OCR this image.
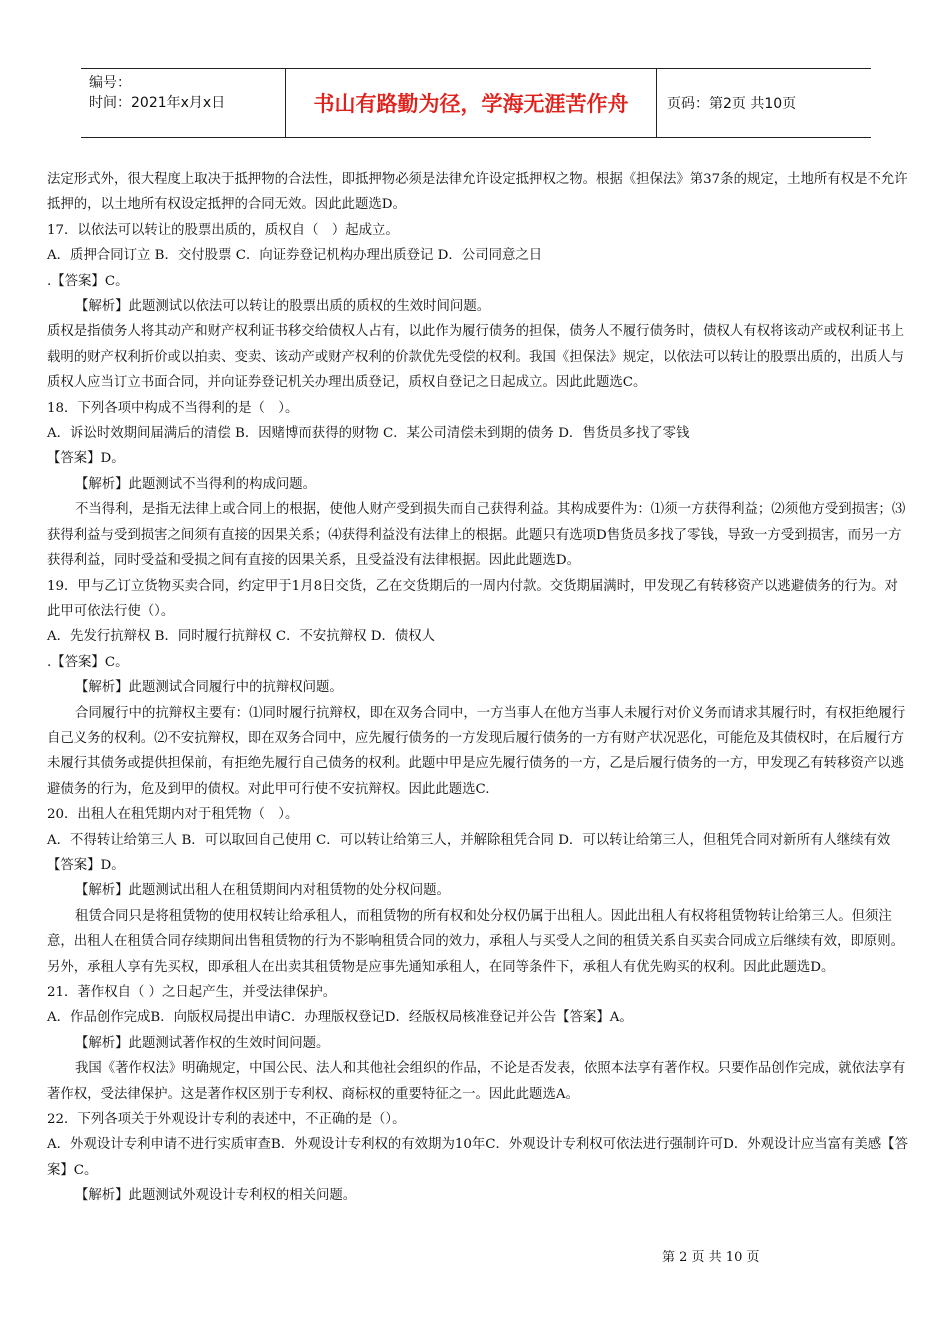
编号：
时间：2021年x月x日	书山有路勤为径，学海无涯苦作舟	页码：第2页 共10页

法定形式外，很大程度上取决于抵押物的合法性，即抵押物必须是法律允许设定抵押权之物。根据《担保法》第37条的规定，土地所有权是不允许抵押的，以土地所有权设定抵押的合同无效。因此此题选D。

17．以依法可以转让的股票出质的，质权自（　）起成立。

A．质押合同订立 B．交付股票 C．向证券登记机构办理出质登记 D．公司同意之日

.【答案】C。

【解析】此题测试以依法可以转让的股票出质的质权的生效时间问题。

质权是指债务人将其动产和财产权利证书移交给债权人占有，以此作为履行债务的担保，债务人不履行债务时，债权人有权将该动产或权利证书上载明的财产权利折价或以拍卖、变卖、该动产或财产权利的价款优先受偿的权利。我国《担保法》规定，以依法可以转让的股票出质的，出质人与质权人应当订立书面合同，并向证券登记机关办理出质登记，质权自登记之日起成立。因此此题选C。

18．下列各项中构成不当得利的是（　）。

A．诉讼时效期间届满后的清偿 B．因赌博而获得的财物 C．某公司清偿未到期的债务 D．售货员多找了零钱

【答案】D。

【解析】此题测试不当得利的构成问题。

不当得利，是指无法律上或合同上的根据，使他人财产受到损失而自己获得利益。其构成要件为：⑴须一方获得利益；⑵须他方受到损害；⑶获得利益与受到损害之间须有直接的因果关系；⑷获得利益没有法律上的根据。此题只有选项D售货员多找了零钱，导致一方受到损害，而另一方获得利益，同时受益和受损之间有直接的因果关系，且受益没有法律根据。因此此题选D。

19．甲与乙订立货物买卖合同，约定甲于1月8日交货，乙在交货期后的一周内付款。交货期届满时，甲发现乙有转移资产以逃避债务的行为。对此甲可依法行使（）。

A．先发行抗辩权 B．同时履行抗辩权 C．不安抗辩权 D．债权人

.【答案】C。

【解析】此题测试合同履行中的抗辩权问题。

合同履行中的抗辩权主要有：⑴同时履行抗辩权，即在双务合同中，一方当事人在他方当事人未履行对价义务而请求其履行时，有权拒绝履行自己义务的权利。⑵不安抗辩权，即在双务合同中，应先履行债务的一方发现后履行债务的一方有财产状况恶化，可能危及其债权时，在后履行方未履行其债务或提供担保前，有拒绝先履行自己债务的权利。此题中甲是应先履行债务的一方，乙是后履行债务的一方，甲发现乙有转移资产以逃避债务的行为，危及到甲的债权。对此甲可行使不安抗辩权。因此此题选C.

20．出租人在租凭期内对于租凭物（　）。

A．不得转让给第三人 B．可以取回自己使用 C．可以转让给第三人，并解除租凭合同 D．可以转让给第三人，但租凭合同对新所有人继续有效 【答案】D。

【解析】此题测试出租人在租赁期间内对租赁物的处分权问题。

租赁合同只是将租赁物的使用权转让给承租人，而租赁物的所有权和处分权仍属于出租人。因此出租人有权将租赁物转让给第三人。但须注意，出租人在租赁合同存续期间出售租赁物的行为不影响租赁合同的效力，承租人与买受人之间的租赁关系自买卖合同成立后继续有效，即原则。另外，承租人享有先买权，即承租人在出卖其租赁物是应事先通知承租人，在同等条件下，承租人有优先购买的权利。因此此题选D。

21．著作权自（ ）之日起产生，并受法律保护。

A．作品创作完成B．向版权局提出申请C．办理版权登记D．经版权局核准登记并公告【答案】A。

【解析】此题测试著作权的生效时间问题。

我国《著作权法》明确规定，中国公民、法人和其他社会组织的作品，不论是否发表，依照本法享有著作权。只要作品创作完成，就依法享有著作权，受法律保护。这是著作权区别于专利权、商标权的重要特征之一。因此此题选A。

22．下列各项关于外观设计专利的表述中，不正确的是（）。

A．外观设计专利申请不进行实质审查B．外观设计专利权的有效期为10年C．外观设计专利权可依法进行强制许可D．外观设计应当富有美感【答案】C。

【解析】此题测试外观设计专利权的相关问题。

第 2 页 共 10 页
